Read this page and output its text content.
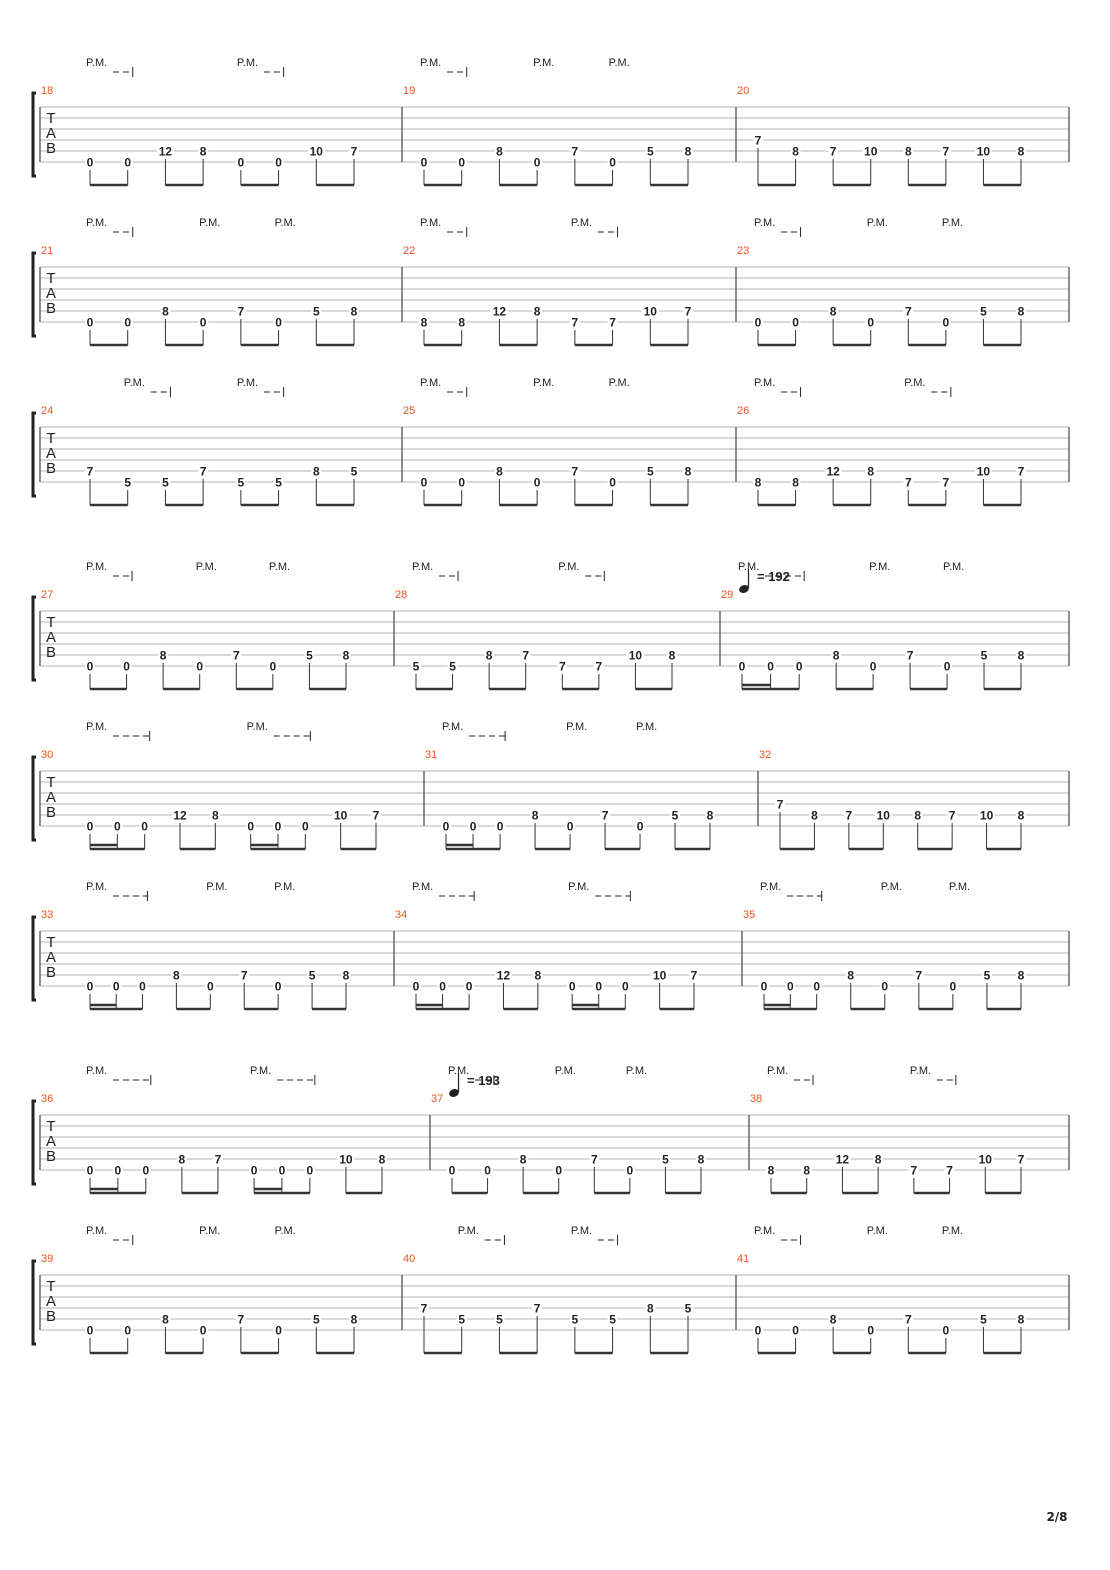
T
A
B
18
0	0
12 8
0	0
10 7
P.M.	P.M.
19
0	0
8
0
7
0
5	8
P.M.	P.M.	P.M.
20
7
8	7 10 8	7 10 8
T
A
B
21
0	0
8
0
7
0
5	8
P.M.	P.M.	P.M.
22
8	8
12 8
7	7
10 7
P.M.	P.M.
23
0	0
8
0
7
0
5	8
P.M.	P.M.	P.M.
T
A
B
24
7
5	5
7
5	5
8	5
P.M.	P.M.
25
0	0
8
0
7
0
5	8
P.M.	P.M.	P.M.
26
8	8
12 8
7	7
10 7
P.M.	P.M.
T
A
B
27
0 0
8
0
7
0
5 8
P.M.	P.M.	P.M.
28
5 5
8 7
7 7
10 8
P.M.	P.M.
29
0 0 0
8
0
7
0
5	8
P.M.	P.M.	P.M.
= 192
T
A
B
30
0 0 0
12 8
0 0 0
10 7
P.M.	P.M.
31
0 0 0
8
0
7
0
5 8
P.M.	P.M.	P.M.
32
7
8 7 10 8 7 10 8
T
A
B
33
0 0 0
8
0
7
0
5 8
P.M.	P.M.	P.M.
34
0 0 0
12 8
0 0 0
10 7
P.M.	P.M.
35
0 0 0
8
0
7
0
5 8
P.M.	P.M.	P.M.
T
A
B
36
0 0 0
8 7
0 0 0
10 8
P.M.	P.M.
37
0 0
8
0
7
0
5 8
P.M.	P.M.	P.M.
= 193
38
8 8
12 8
7 7
10 7
P.M.	P.M.
T
A
B
39
0	0
8
0
7
0
5	8
P.M.	P.M.	P.M.
40
7
5	5
7
5	5
8	5
P.M.	P.M.
41
0	0
8
0
7
0
5	8
P.M.	P.M.	P.M.
2/8
